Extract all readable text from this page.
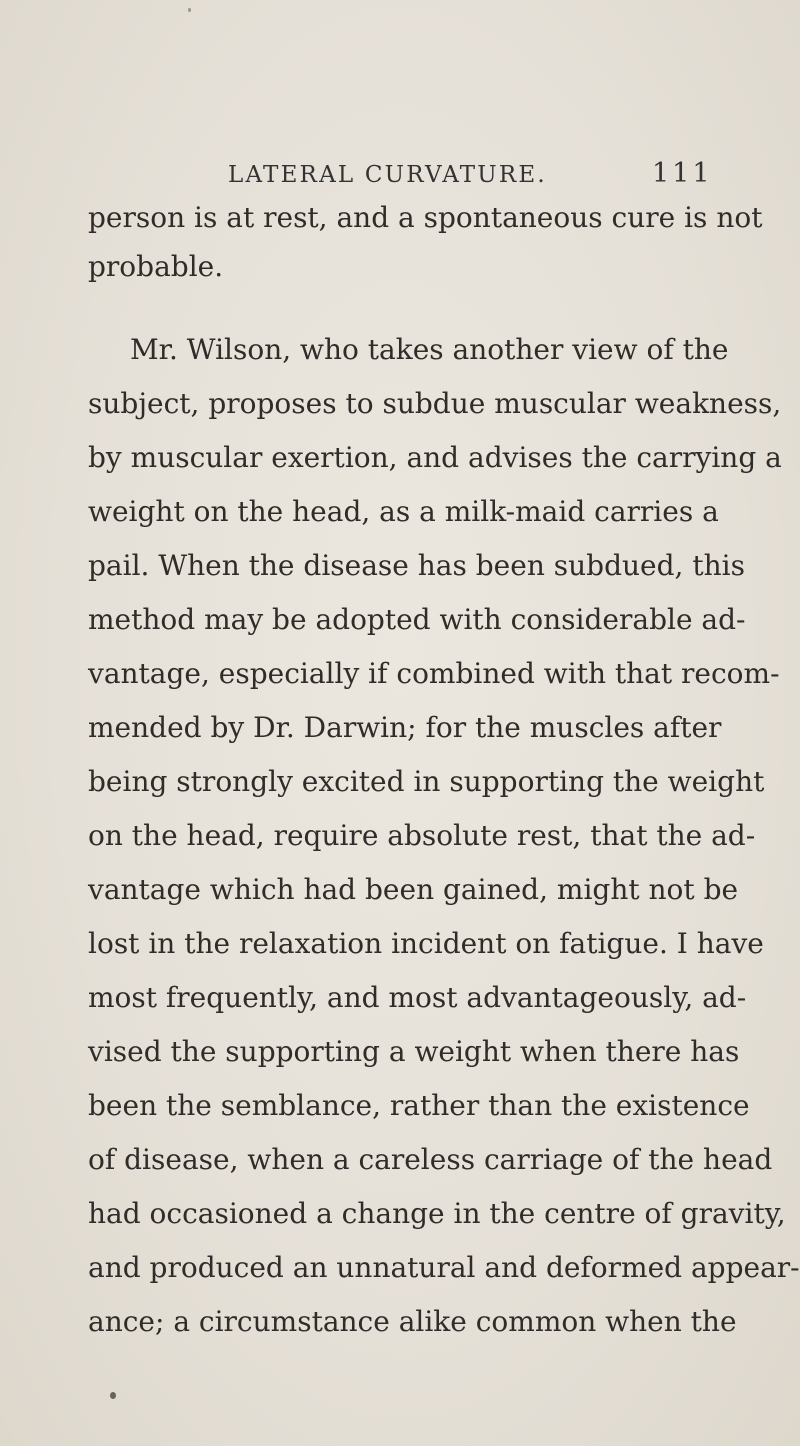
LATERAL CURVATURE.	111
person is at rest, and a spontaneous cure is not
probable.
Mr. Wilson, who takes another view of the
subject, proposes to subdue muscular weakness,
by muscular exertion, and advises the carrying a
weight on the head, as a milk-maid carries a
pail. When the disease has been subdued, this
method may be adopted with considerable ad-
vantage, especially if combined with that recom-
mended by Dr. Darwin; for the muscles after
being strongly excited in supporting the weight
on the head, require absolute rest, that the ad-
vantage which had been gained, might not be
lost in the relaxation incident on fatigue. I have
most frequently, and most advantageously, ad-
vised the supporting a weight when there has
been the semblance, rather than the existence
of disease, when a careless carriage of the head
had occasioned a change in the centre of gravity,
and produced an unnatural and deformed appear-
ance; a circumstance alike common when the
